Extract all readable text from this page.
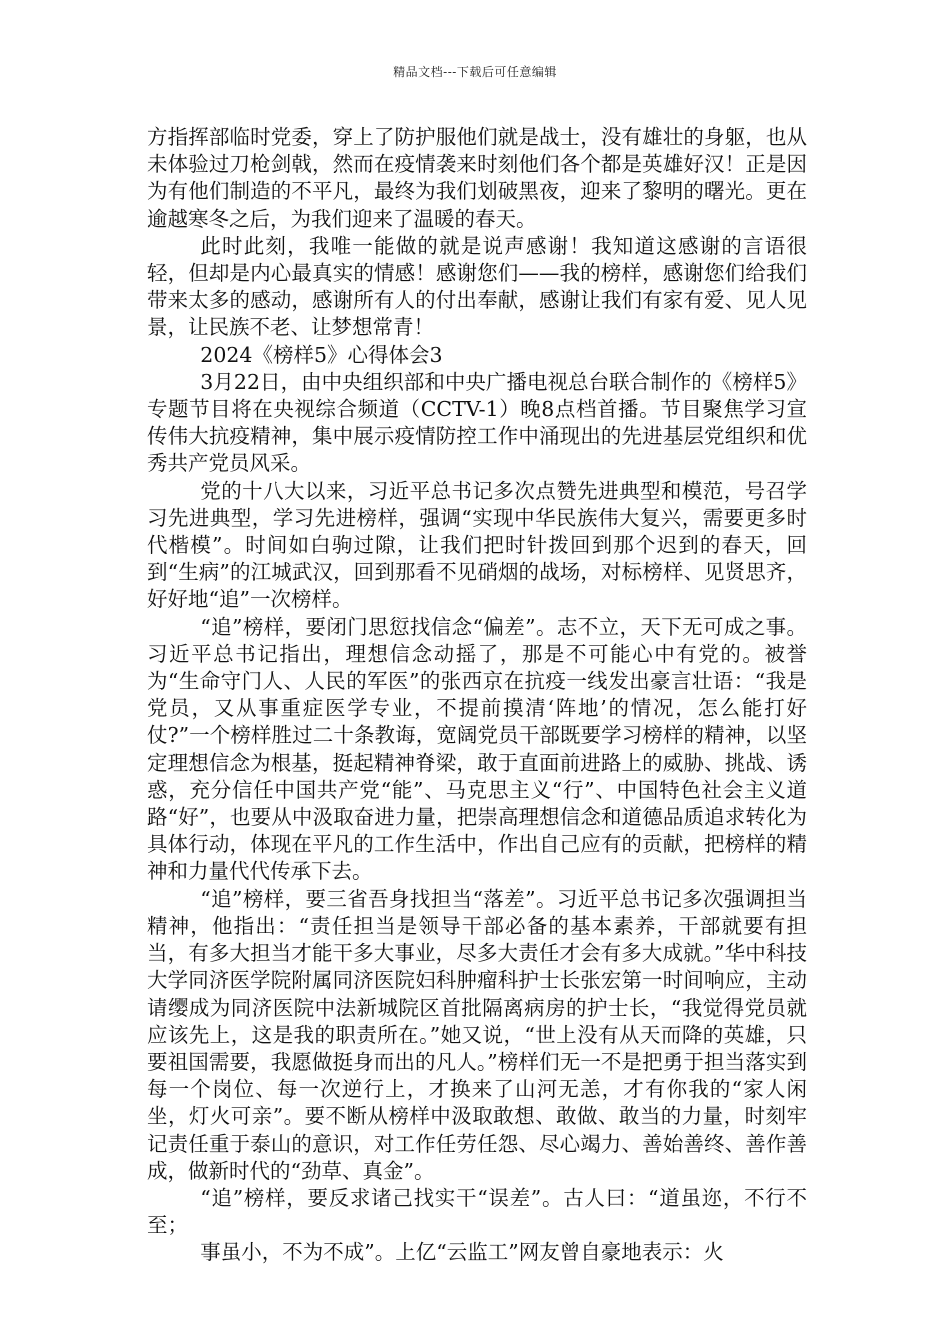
精品文档---下载后可任意编辑

方指挥部临时党委，穿上了防护服他们就是战士，没有雄壮的身躯，也从未体验过刀枪剑戟，然而在疫情袭来时刻他们各个都是英雄好汉！正是因为有他们制造的不平凡，最终为我们划破黑夜，迎来了黎明的曙光。更在逾越寒冬之后，为我们迎来了温暖的春天。

此时此刻，我唯一能做的就是说声感谢！我知道这感谢的言语很轻，但却是内心最真实的情感！感谢您们——我的榜样，感谢您们给我们带来太多的感动，感谢所有人的付出奉献，感谢让我们有家有爱、见人见景，让民族不老、让梦想常青！

2024《榜样5》心得体会3

3月22日，由中央组织部和中央广播电视总台联合制作的《榜样5》专题节目将在央视综合频道（CCTV-1）晚8点档首播。节目聚焦学习宣传伟大抗疫精神，集中展示疫情防控工作中涌现出的先进基层党组织和优秀共产党员风采。

党的十八大以来，习近平总书记多次点赞先进典型和模范，号召学习先进典型，学习先进榜样，强调“实现中华民族伟大复兴，需要更多时代楷模”。时间如白驹过隙，让我们把时针拨回到那个迟到的春天，回到“生病”的江城武汉，回到那看不见硝烟的战场，对标榜样、见贤思齐，好好地“追”一次榜样。

“追”榜样，要闭门思愆找信念“偏差”。志不立，天下无可成之事。习近平总书记指出，理想信念动摇了，那是不可能心中有党的。被誉为“生命守门人、人民的军医”的张西京在抗疫一线发出豪言壮语：“我是党员，又从事重症医学专业，不提前摸清‘阵地’的情况，怎么能打好仗?”一个榜样胜过二十条教诲，宽阔党员干部既要学习榜样的精神，以坚定理想信念为根基，挺起精神脊梁，敢于直面前进路上的威胁、挑战、诱惑，充分信任中国共产党“能”、马克思主义“行”、中国特色社会主义道路“好”，也要从中汲取奋进力量，把崇高理想信念和道德品质追求转化为具体行动，体现在平凡的工作生活中，作出自己应有的贡献，把榜样的精神和力量代代传承下去。

“追”榜样，要三省吾身找担当“落差”。习近平总书记多次强调担当精神，他指出：“责任担当是领导干部必备的基本素养，干部就要有担当，有多大担当才能干多大事业，尽多大责任才会有多大成就。”华中科技大学同济医学院附属同济医院妇科肿瘤科护士长张宏第一时间响应，主动请缨成为同济医院中法新城院区首批隔离病房的护士长，“我觉得党员就应该先上，这是我的职责所在。”她又说，“世上没有从天而降的英雄，只要祖国需要，我愿做挺身而出的凡人。”榜样们无一不是把勇于担当落实到每一个岗位、每一次逆行上，才换来了山河无恙，才有你我的“家人闲坐，灯火可亲”。要不断从榜样中汲取敢想、敢做、敢当的力量，时刻牢记责任重于泰山的意识，对工作任劳任怨、尽心竭力、善始善终、善作善成，做新时代的“劲草、真金”。

“追”榜样，要反求诸己找实干“误差”。古人曰：“道虽迩，不行不至；

事虽小，不为不成”。上亿“云监工”网友曾自豪地表示：火
